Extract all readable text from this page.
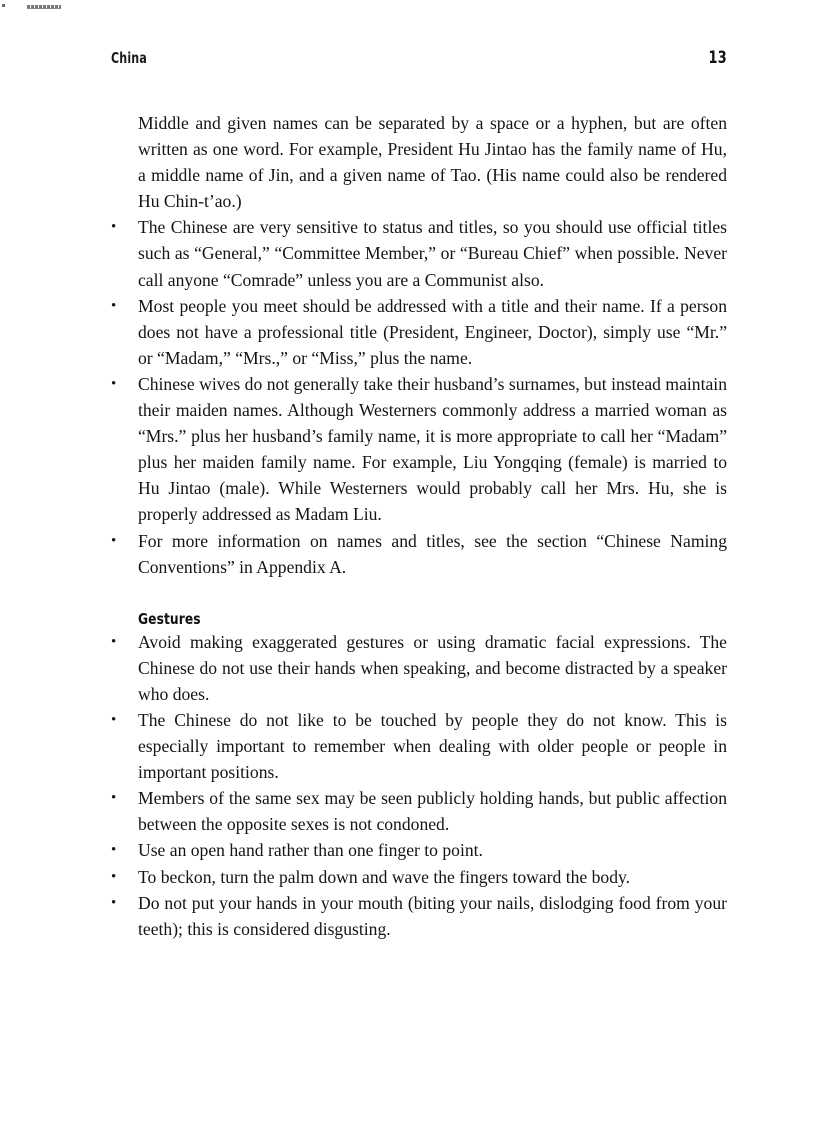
China	13

Middle and given names can be separated by a space or a hyphen, but are often written as one word. For example, President Hu Jintao has the family name of Hu, a middle name of Jin, and a given name of Tao. (His name could also be rendered Hu Chin-t’ao.)

•	The Chinese are very sensitive to status and titles, so you should use official titles such as “General,” “Committee Member,” or “Bureau Chief” when possible. Never call anyone “Comrade” unless you are a Communist also.
•	Most people you meet should be addressed with a title and their name. If a person does not have a professional title (President, Engineer, Doctor), simply use “Mr.” or “Madam,” “Mrs.,” or “Miss,” plus the name.
•	Chinese wives do not generally take their husband’s surnames, but instead maintain their maiden names. Although Westerners commonly address a married woman as “Mrs.” plus her husband’s family name, it is more appropriate to call her “Madam” plus her maiden family name. For example, Liu Yongqing (female) is married to Hu Jintao (male). While Westerners would probably call her Mrs. Hu, she is properly addressed as Madam Liu.
•	For more information on names and titles, see the section “Chinese Naming Conventions” in Appendix A.
Gestures
•	Avoid making exaggerated gestures or using dramatic facial expressions. The Chinese do not use their hands when speaking, and become distracted by a speaker who does.
•	The Chinese do not like to be touched by people they do not know. This is especially important to remember when dealing with older people or people in important positions.
•	Members of the same sex may be seen publicly holding hands, but public affection between the opposite sexes is not condoned.
•	Use an open hand rather than one finger to point.
•	To beckon, turn the palm down and wave the fingers toward the body.
•	Do not put your hands in your mouth (biting your nails, dislodging food from your teeth); this is considered disgusting.
